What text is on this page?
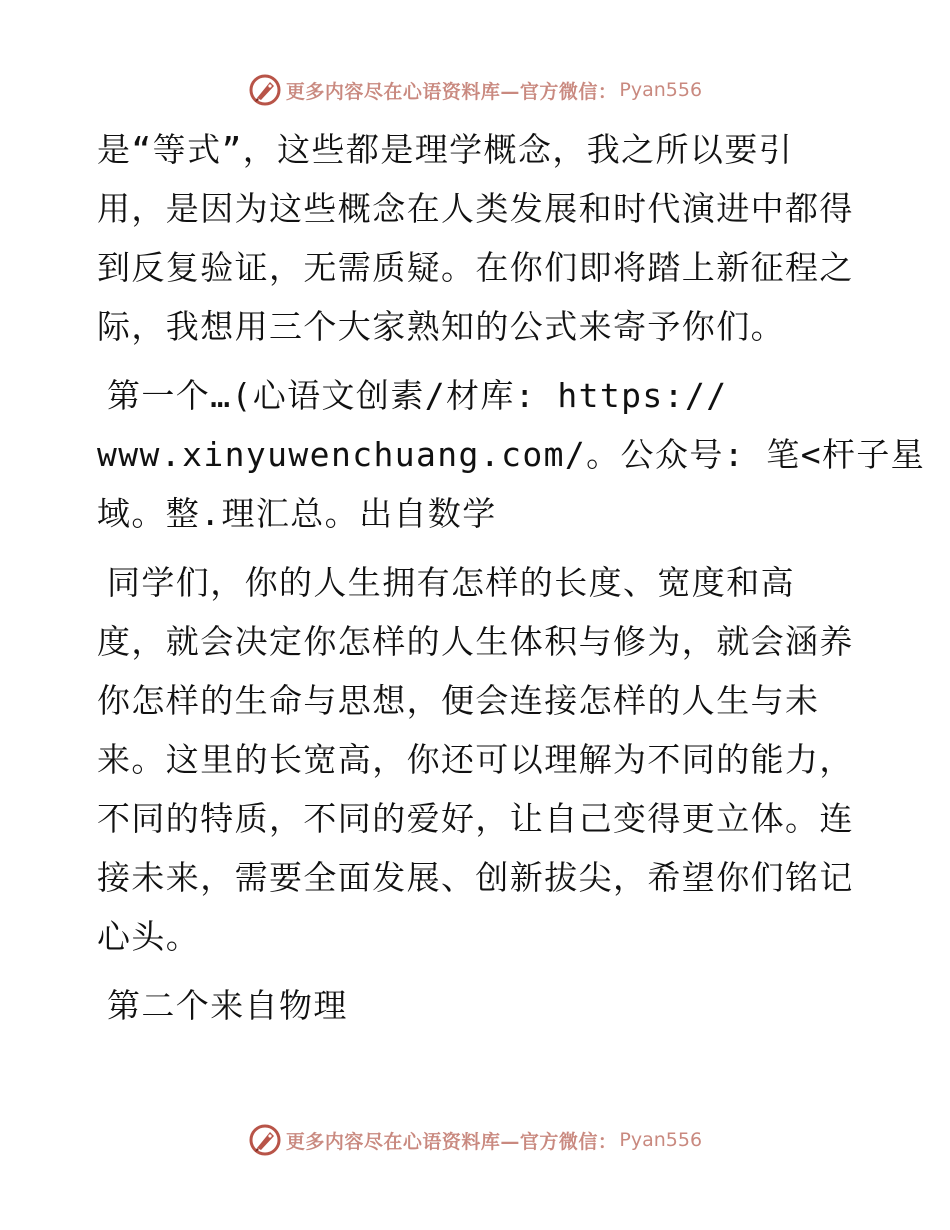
更多内容尽在心语资料库—官方微信： Pyan556
是“等式”，这些都是理学概念，我之所以要引
用，是因为这些概念在人类发展和时代演进中都得
到反复验证，无需质疑。在你们即将踏上新征程之
际，我想用三个大家熟知的公式来寄予你们。
第一个…(心语文创素/材库: https://
www.xinyuwenchuang.com/。公众号: 笔<杆子星
域。整.理汇总。出自数学
同学们，你的人生拥有怎样的长度、宽度和高
度，就会决定你怎样的人生体积与修为，就会涵养
你怎样的生命与思想，便会连接怎样的人生与未
来。这里的长宽高，你还可以理解为不同的能力，
不同的特质，不同的爱好，让自己变得更立体。连
接未来，需要全面发展、创新拔尖，希望你们铭记
心头。
第二个来自物理
更多内容尽在心语资料库—官方微信： Pyan556
